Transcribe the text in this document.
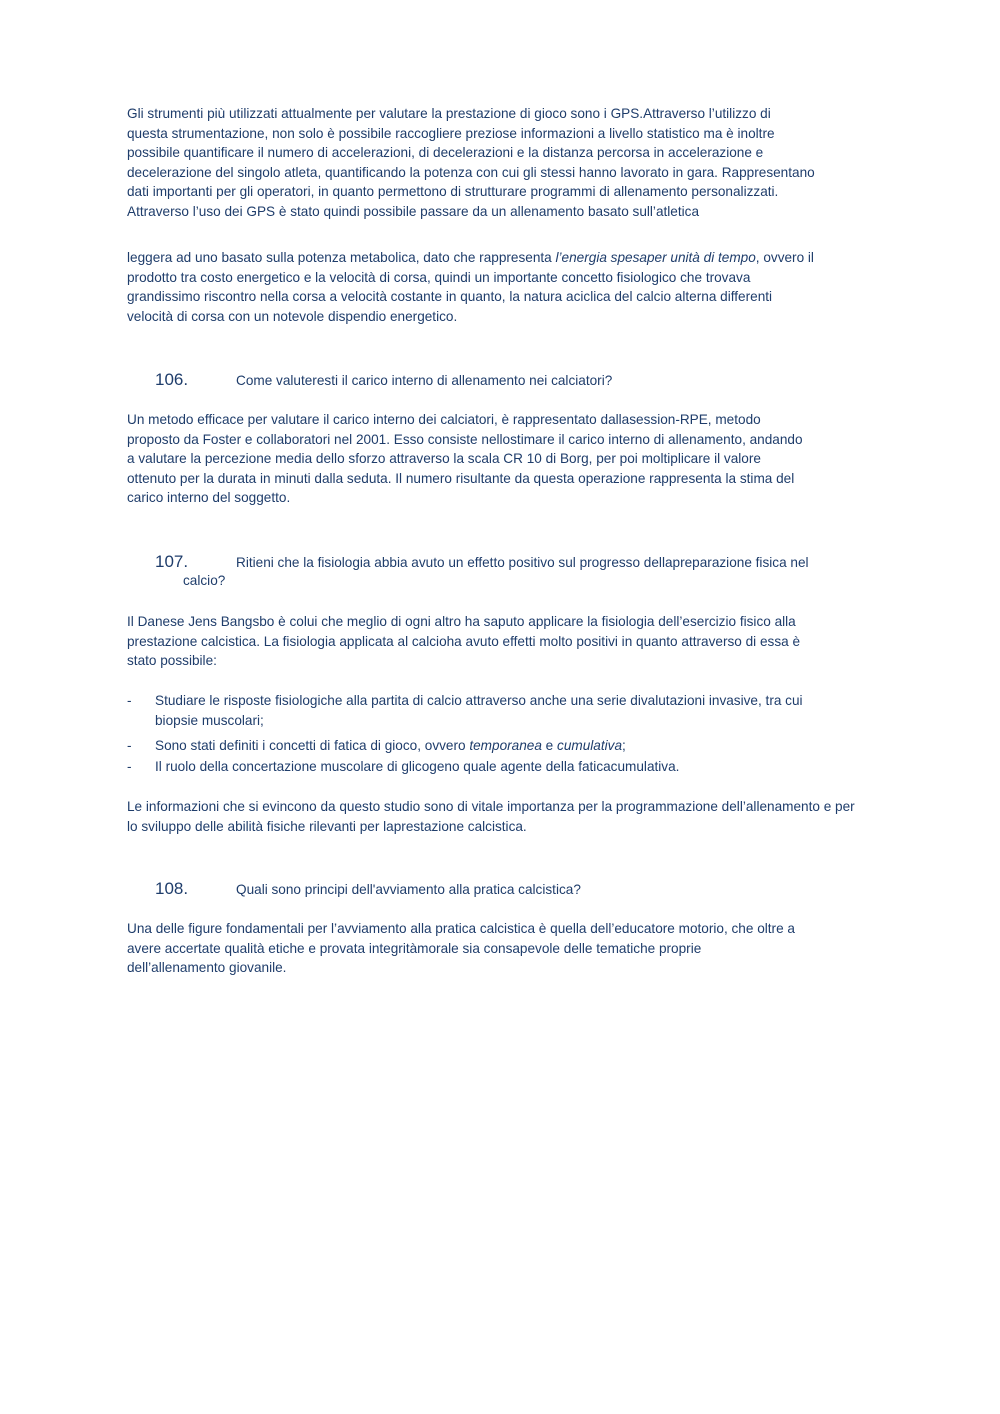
Gli strumenti più utilizzati attualmente per valutare la prestazione di gioco sono i GPS.Attraverso l’utilizzo di
questa strumentazione, non solo è possibile raccogliere preziose informazioni a livello statistico ma è inoltre
possibile quantificare il numero di accelerazioni, di decelerazioni e la distanza percorsa in accelerazione e
decelerazione del singolo atleta, quantificando la potenza con cui gli stessi hanno lavorato in gara. Rappresentano
dati importanti per gli operatori, in quanto permettono di strutturare programmi di allenamento personalizzati.
Attraverso l’uso dei GPS è stato quindi possibile passare da un allenamento basato sull’atletica
leggera ad uno basato sulla potenza metabolica, dato che rappresenta l’energia spesaper unità di tempo, ovvero il
prodotto tra costo energetico e la velocità di corsa, quindi un importante concetto fisiologico che trovava
grandissimo riscontro nella corsa a velocità costante in quanto, la natura aciclica del calcio alterna differenti
velocità di corsa con un notevole dispendio energetico.
106.	Come valuteresti il carico interno di allenamento nei calciatori?
Un metodo efficace per valutare il carico interno dei calciatori, è rappresentato dallasession-RPE, metodo
proposto da Foster e collaboratori nel 2001. Esso consiste nellostimare il carico interno di allenamento, andando
a valutare la percezione media dello sforzo attraverso la scala CR 10 di Borg, per poi moltiplicare il valore
ottenuto per la durata in minuti dalla seduta. Il numero risultante da questa operazione rappresenta la stima del
carico interno del soggetto.
107.	Ritieni che la fisiologia abbia avuto un effetto positivo sul progresso dellapreparazione fisica nel
calcio?
Il Danese Jens Bangsbo è colui che meglio di ogni altro ha saputo applicare la fisiologia dell’esercizio fisico alla
prestazione calcistica. La fisiologia applicata al calcioha avuto effetti molto positivi in quanto attraverso di essa è
stato possibile:
- Studiare le risposte fisiologiche alla partita di calcio attraverso anche una serie divalutazioni invasive, tra cui
biopsie muscolari;
- Sono stati definiti i concetti di fatica di gioco, ovvero temporanea e cumulativa;
- Il ruolo della concertazione muscolare di glicogeno quale agente della faticacumulativa.
Le informazioni che si evincono da questo studio sono di vitale importanza per la programmazione dell’allenamento e per
lo sviluppo delle abilità fisiche rilevanti per laprestazione calcistica.
108.	Quali sono principi dell'avviamento alla pratica calcistica?
Una delle figure fondamentali per l’avviamento alla pratica calcistica è quella dell’educatore motorio, che oltre a
avere accertate qualità etiche e provata integritàmorale sia consapevole delle tematiche proprie
dell’allenamento giovanile.
